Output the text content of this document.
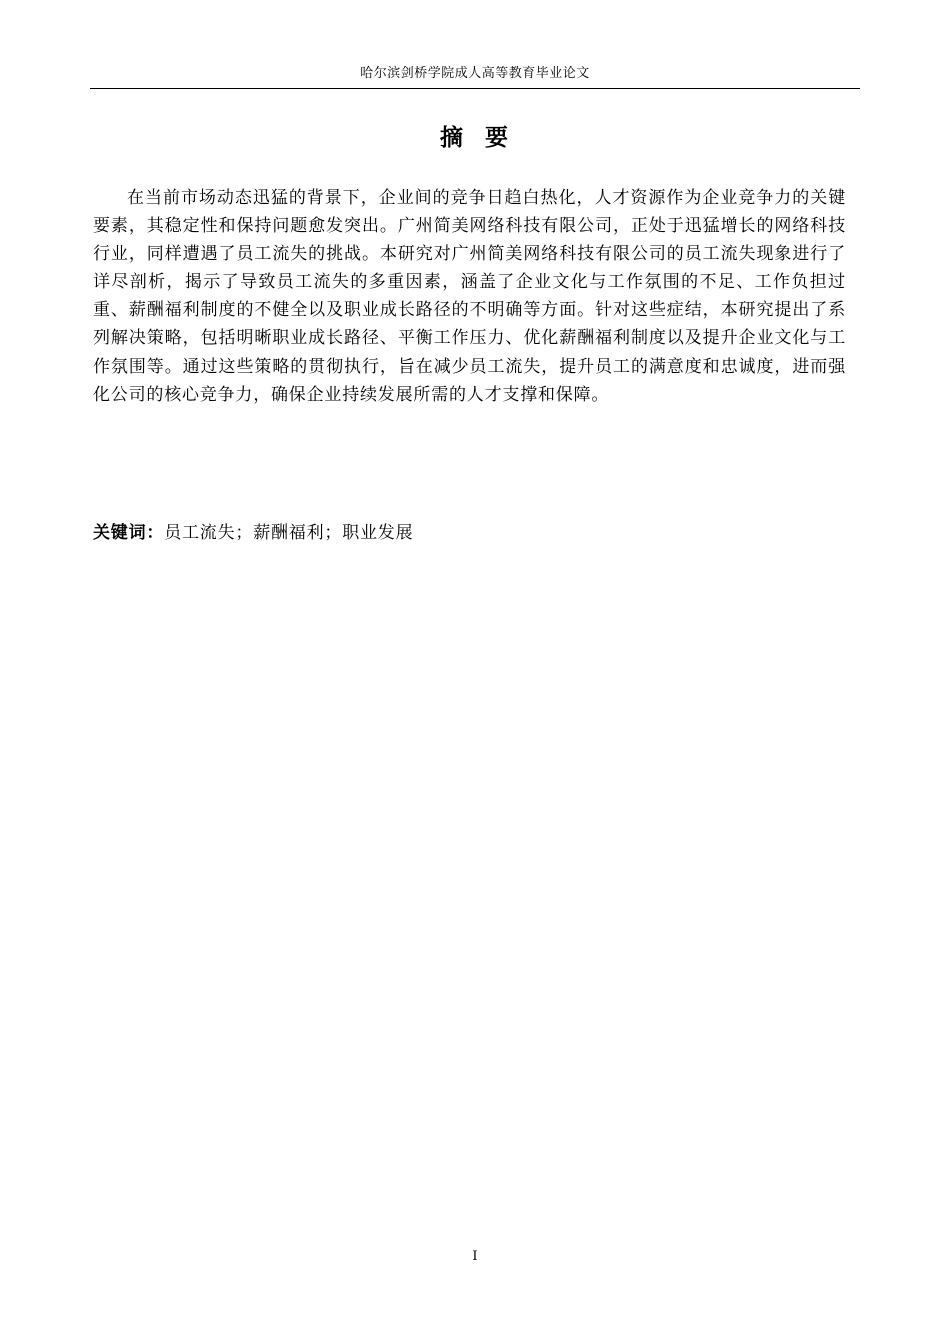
哈尔滨剑桥学院成人高等教育毕业论文
摘  要

在当前市场动态迅猛的背景下，企业间的竞争日趋白热化，人才资源作为企业竞争力的关键要素，其稳定性和保持问题愈发突出。广州简美网络科技有限公司，正处于迅猛增长的网络科技行业，同样遭遇了员工流失的挑战。本研究对广州简美网络科技有限公司的员工流失现象进行了详尽剖析，揭示了导致员工流失的多重因素，涵盖了企业文化与工作氛围的不足、工作负担过重、薪酬福利制度的不健全以及职业成长路径的不明确等方面。针对这些症结，本研究提出了系列解决策略，包括明晰职业成长路径、平衡工作压力、优化薪酬福利制度以及提升企业文化与工作氛围等。通过这些策略的贯彻执行，旨在减少员工流失，提升员工的满意度和忠诚度，进而强化公司的核心竞争力，确保企业持续发展所需的人才支撑和保障。

关键词：员工流失；薪酬福利；职业发展
I
